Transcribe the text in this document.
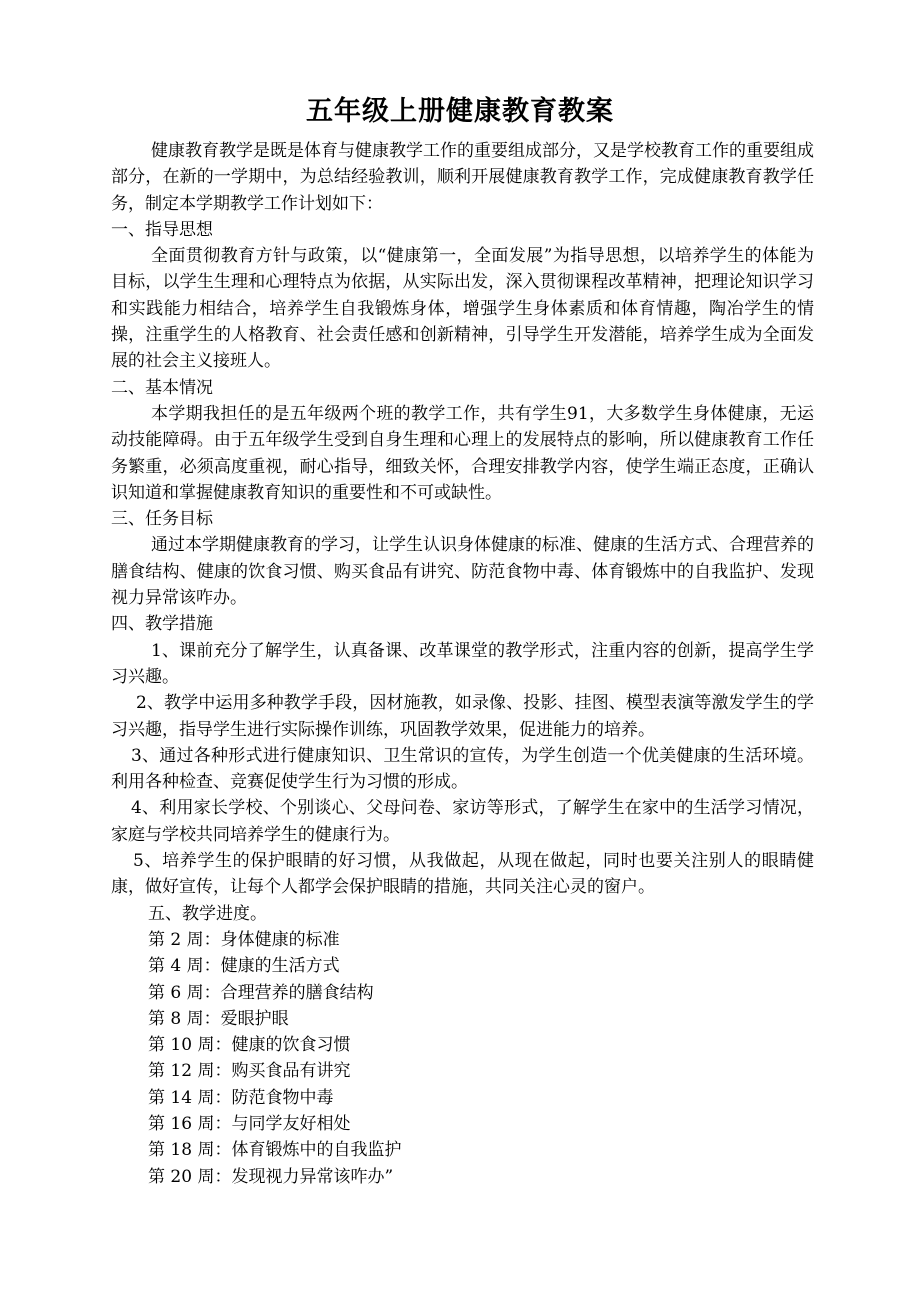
五年级上册健康教育教案

健康教育教学是既是体育与健康教学工作的重要组成部分，又是学校教育工作的重要组成部分，在新的一学期中，为总结经验教训，顺利开展健康教育教学工作，完成健康教育教学任务，制定本学期教学工作计划如下：

一、指导思想

全面贯彻教育方针与政策，以“健康第一，全面发展”为指导思想，以培养学生的体能为目标，以学生生理和心理特点为依据，从实际出发，深入贯彻课程改革精神，把理论知识学习和实践能力相结合，培养学生自我锻炼身体，增强学生身体素质和体育情趣，陶冶学生的情操，注重学生的人格教育、社会责任感和创新精神，引导学生开发潜能，培养学生成为全面发展的社会主义接班人。

二、基本情况

本学期我担任的是五年级两个班的教学工作，共有学生91，大多数学生身体健康，无运动技能障碍。由于五年级学生受到自身生理和心理上的发展特点的影响，所以健康教育工作任务繁重，必须高度重视，耐心指导，细致关怀，合理安排教学内容，使学生端正态度，正确认识知道和掌握健康教育知识的重要性和不可或缺性。

三、任务目标

通过本学期健康教育的学习，让学生认识身体健康的标准、健康的生活方式、合理营养的膳食结构、健康的饮食习惯、购买食品有讲究、防范食物中毒、体育锻炼中的自我监护、发现视力异常该咋办。

四、教学措施

1、课前充分了解学生，认真备课、改革课堂的教学形式，注重内容的创新，提高学生学习兴趣。

2、教学中运用多种教学手段，因材施教，如录像、投影、挂图、模型表演等激发学生的学习兴趣，指导学生进行实际操作训练，巩固教学效果，促进能力的培养。

3、通过各种形式进行健康知识、卫生常识的宣传，为学生创造一个优美健康的生活环境。利用各种检查、竞赛促使学生行为习惯的形成。

4、利用家长学校、个别谈心、父母问卷、家访等形式，了解学生在家中的生活学习情况，家庭与学校共同培养学生的健康行为。

5、培养学生的保护眼睛的好习惯，从我做起，从现在做起，同时也要关注别人的眼睛健康，做好宣传，让每个人都学会保护眼睛的措施，共同关注心灵的窗户。

五、教学进度。

第 2 周：身体健康的标准
第 4 周：健康的生活方式
第 6 周：合理营养的膳食结构
第 8 周：爱眼护眼
第 10 周：健康的饮食习惯
第 12 周：购买食品有讲究
第 14 周：防范食物中毒
第 16 周：与同学友好相处
第 18 周：体育锻炼中的自我监护
第 20 周：发现视力异常该咋办”
